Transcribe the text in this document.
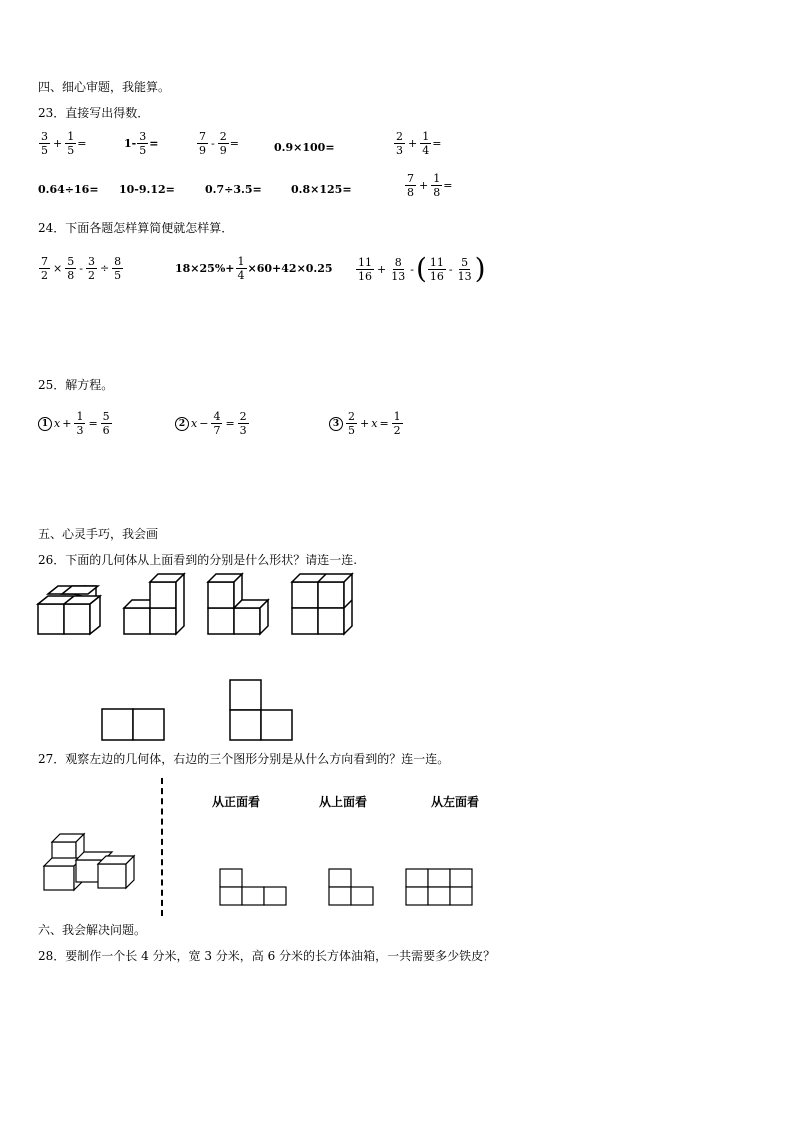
四、细心审题，我能算。
23．直接写出得数．
$\frac{3}{5} + \frac{1}{5}$ =	$1- \frac{3}{5}$ =	$\frac{7}{9} - \frac{2}{9}$ =	0.9×100=	$\frac{2}{3} + \frac{1}{4}$ =
0.64÷16= 10-9.12=	0.7÷3.5=	0.8×125=	$\frac{7}{8} + \frac{1}{8}$ =
24．下面各题怎样算简便就怎样算．
$\frac{7}{2} \times \frac{5}{8} - \frac{3}{2} \div \frac{8}{5}$	$18\times 25\%+ \frac{1}{4} \times 60+42\times 0.25 \frac{11}{16} + \frac{8}{13}$ - ( $\frac{11}{16} - \frac{5}{13}$ )
25．解方程。
1 $x + \frac{1}{3} = \frac{5}{6}$	2 $x - \frac{4}{7} = \frac{2}{3}$	$3 \frac{2}{5} + x = \frac{1}{2}$
五、心灵手巧，我会画
26．下面的几何体从上面看到的分别是什么形状？请连一连.
27．观察左边的几何体，右边的三个图形分别是从什么方向看到的？连一连。
从正面看	从上面看	从左面看
六、我会解决问题。
28．要制作一个长 4 分米，宽 3 分米，高 6 分米的长方体油箱，一共需要多少铁皮？
